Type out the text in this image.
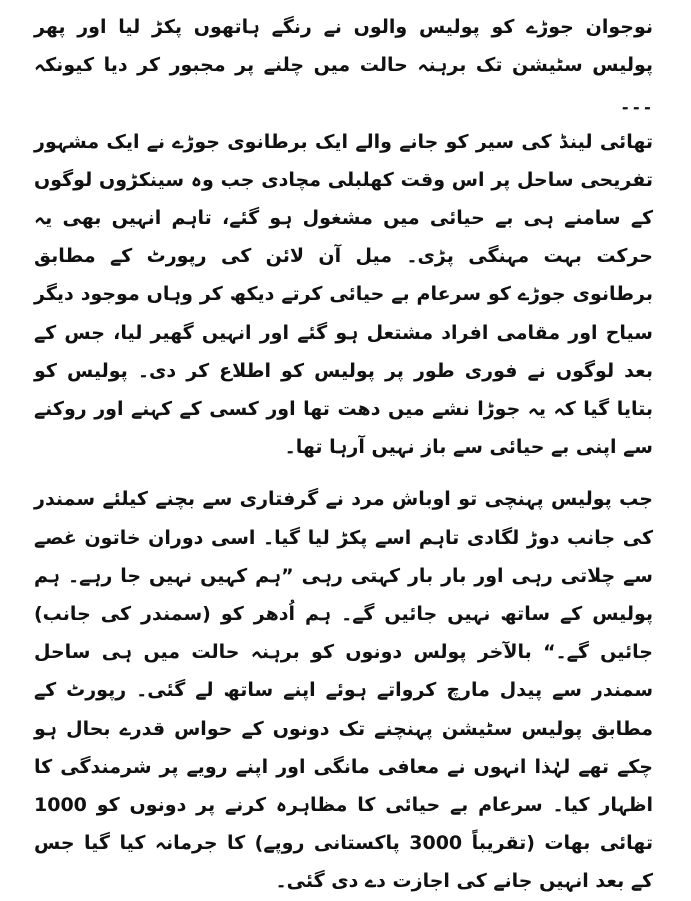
نوجوان جوڑے کو پولیس والوں نے رنگے ہاتھوں پکڑ لیا اور پھر پولیس سٹیشن تک برہنہ حالت میں چلنے پر مجبور کر دیا کیونکہ ۔۔۔

تھائی لینڈ کی سیر کو جانے والے ایک برطانوی جوڑے نے ایک مشہور تفریحی ساحل پر اس وقت کھلبلی مچادی جب وہ سینکڑوں لوگوں کے سامنے ہی بے حیائی میں مشغول ہو گئے، تاہم انہیں بھی یہ حرکت بہت مہنگی پڑی۔ میل آن لائن کی رپورٹ کے مطابق برطانوی جوڑے کو سرعام بے حیائی کرتے دیکھ کر وہاں موجود دیگر سیاح اور مقامی افراد مشتعل ہو گئے اور انہیں گھیر لیا، جس کے بعد لوگوں نے فوری طور پر پولیس کو اطلاع کر دی۔ پولیس کو بتایا گیا کہ یہ جوڑا نشے میں دھت تھا اور کسی کے کہنے اور روکنے سے اپنی بے حیائی سے باز نہیں آرہا تھا۔

جب پولیس پہنچی تو اوباش مرد نے گرفتاری سے بچنے کیلئے سمندر کی جانب دوڑ لگادی تاہم اسے پکڑ لیا گیا۔ اسی دوران خاتون غصے سے چلاتی رہی اور بار بار کہتی رہی ”ہم کہیں نہیں جا رہے۔ ہم پولیس کے ساتھ نہیں جائیں گے۔ ہم اُدھر کو (سمندر کی جانب) جائیں گے۔“ بالآخر پولس دونوں کو برہنہ حالت میں ہی ساحل سمندر سے پیدل مارچ کرواتے ہوئے اپنے ساتھ لے گئی۔ رپورٹ کے مطابق پولیس سٹیشن پہنچنے تک دونوں کے حواس قدرے بحال ہو چکے تھے لہٰذا انہوں نے معافی مانگی اور اپنے رویے پر شرمندگی کا اظہار کیا۔ سرعام بے حیائی کا مظاہرہ کرنے پر دونوں کو 1000 تھائی بھات (تقریباً 3000 پاکستانی روپے) کا جرمانہ کیا گیا جس کے بعد انہیں جانے کی اجازت دے دی گئی۔
